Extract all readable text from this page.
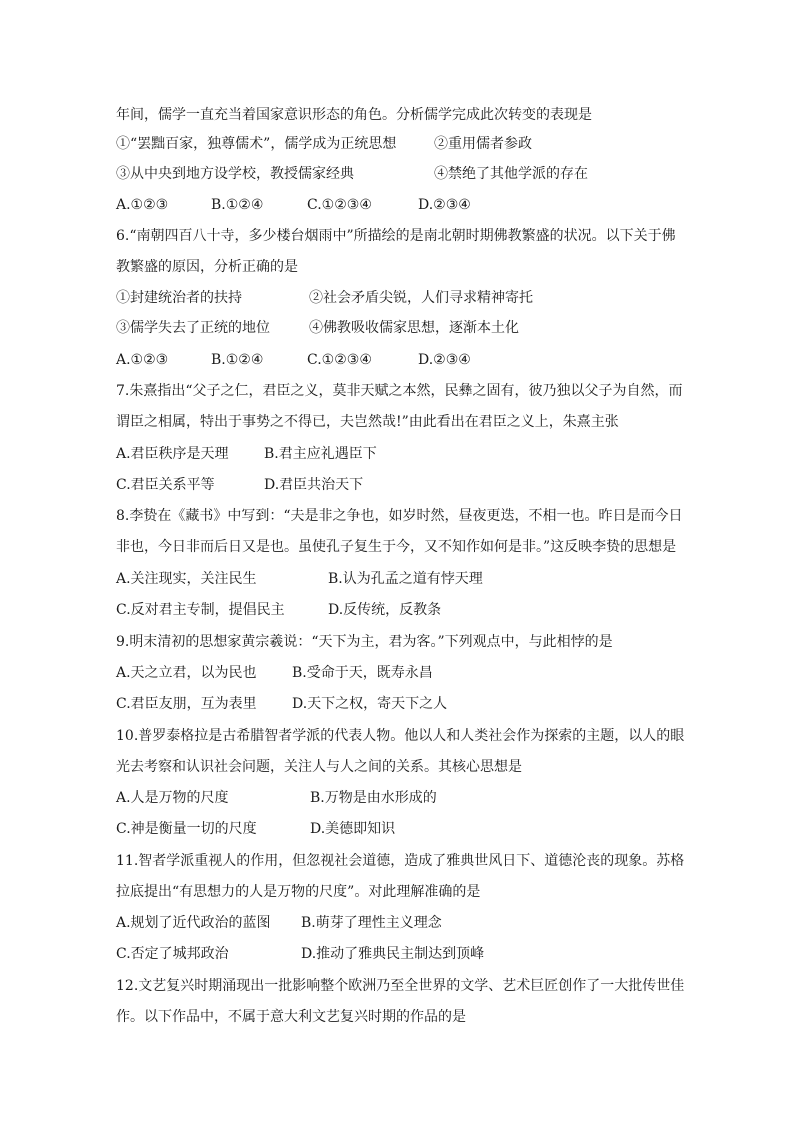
年间，儒学一直充当着国家意识形态的角色。分析儒学完成此次转变的表现是
①“罢黜百家，独尊儒术”，儒学成为正统思想	②重用儒者参政
③从中央到地方设学校，教授儒家经典	④禁绝了其他学派的存在
A.①②③	B.①②④	C.①②③④	D.②③④
6.“南朝四百八十寺，多少楼台烟雨中”所描绘的是南北朝时期佛教繁盛的状况。以下关于佛
教繁盛的原因，分析正确的是
①封建统治者的扶持	②社会矛盾尖锐，人们寻求精神寄托
③儒学失去了正统的地位	④佛教吸收儒家思想，逐渐本土化
A.①②③	B.①②④	C.①②③④	D.②③④
7.朱熹指出“父子之仁，君臣之义，莫非天赋之本然，民彝之固有，彼乃独以父子为自然，而
谓臣之相属，特出于事势之不得已，夫岂然哉!”由此看出在君臣之义上，朱熹主张
A.君臣秩序是天理	B.君主应礼遇臣下
C.君臣关系平等	D.君臣共治天下
8.李贽在《藏书》中写到：“夫是非之争也，如岁时然，昼夜更迭，不相一也。昨日是而今日
非也，今日非而后日又是也。虽使孔子复生于今，又不知作如何是非。”这反映李贽的思想是
A.关注现实，关注民生	B.认为孔孟之道有悖天理
C.反对君主专制，提倡民主	D.反传统，反教条
9.明末清初的思想家黄宗羲说：“天下为主，君为客。”下列观点中，与此相悖的是
A.天之立君，以为民也	B.受命于天，既寿永昌
C.君臣友朋，互为表里	D.天下之权，寄天下之人
10.普罗泰格拉是古希腊智者学派的代表人物。他以人和人类社会作为探索的主题，以人的眼
光去考察和认识社会问题，关注人与人之间的关系。其核心思想是
A.人是万物的尺度	B.万物是由水形成的
C.神是衡量一切的尺度	D.美德即知识
11.智者学派重视人的作用，但忽视社会道德，造成了雅典世风日下、道德沦丧的现象。苏格
拉底提出“有思想力的人是万物的尺度”。对此理解准确的是
A.规划了近代政治的蓝图 B.萌芽了理性主义理念
C.否定了城邦政治	D.推动了雅典民主制达到顶峰
12.文艺复兴时期涌现出一批影响整个欧洲乃至全世界的文学、艺术巨匠创作了一大批传世佳
作。以下作品中，不属于意大利文艺复兴时期的作品的是
